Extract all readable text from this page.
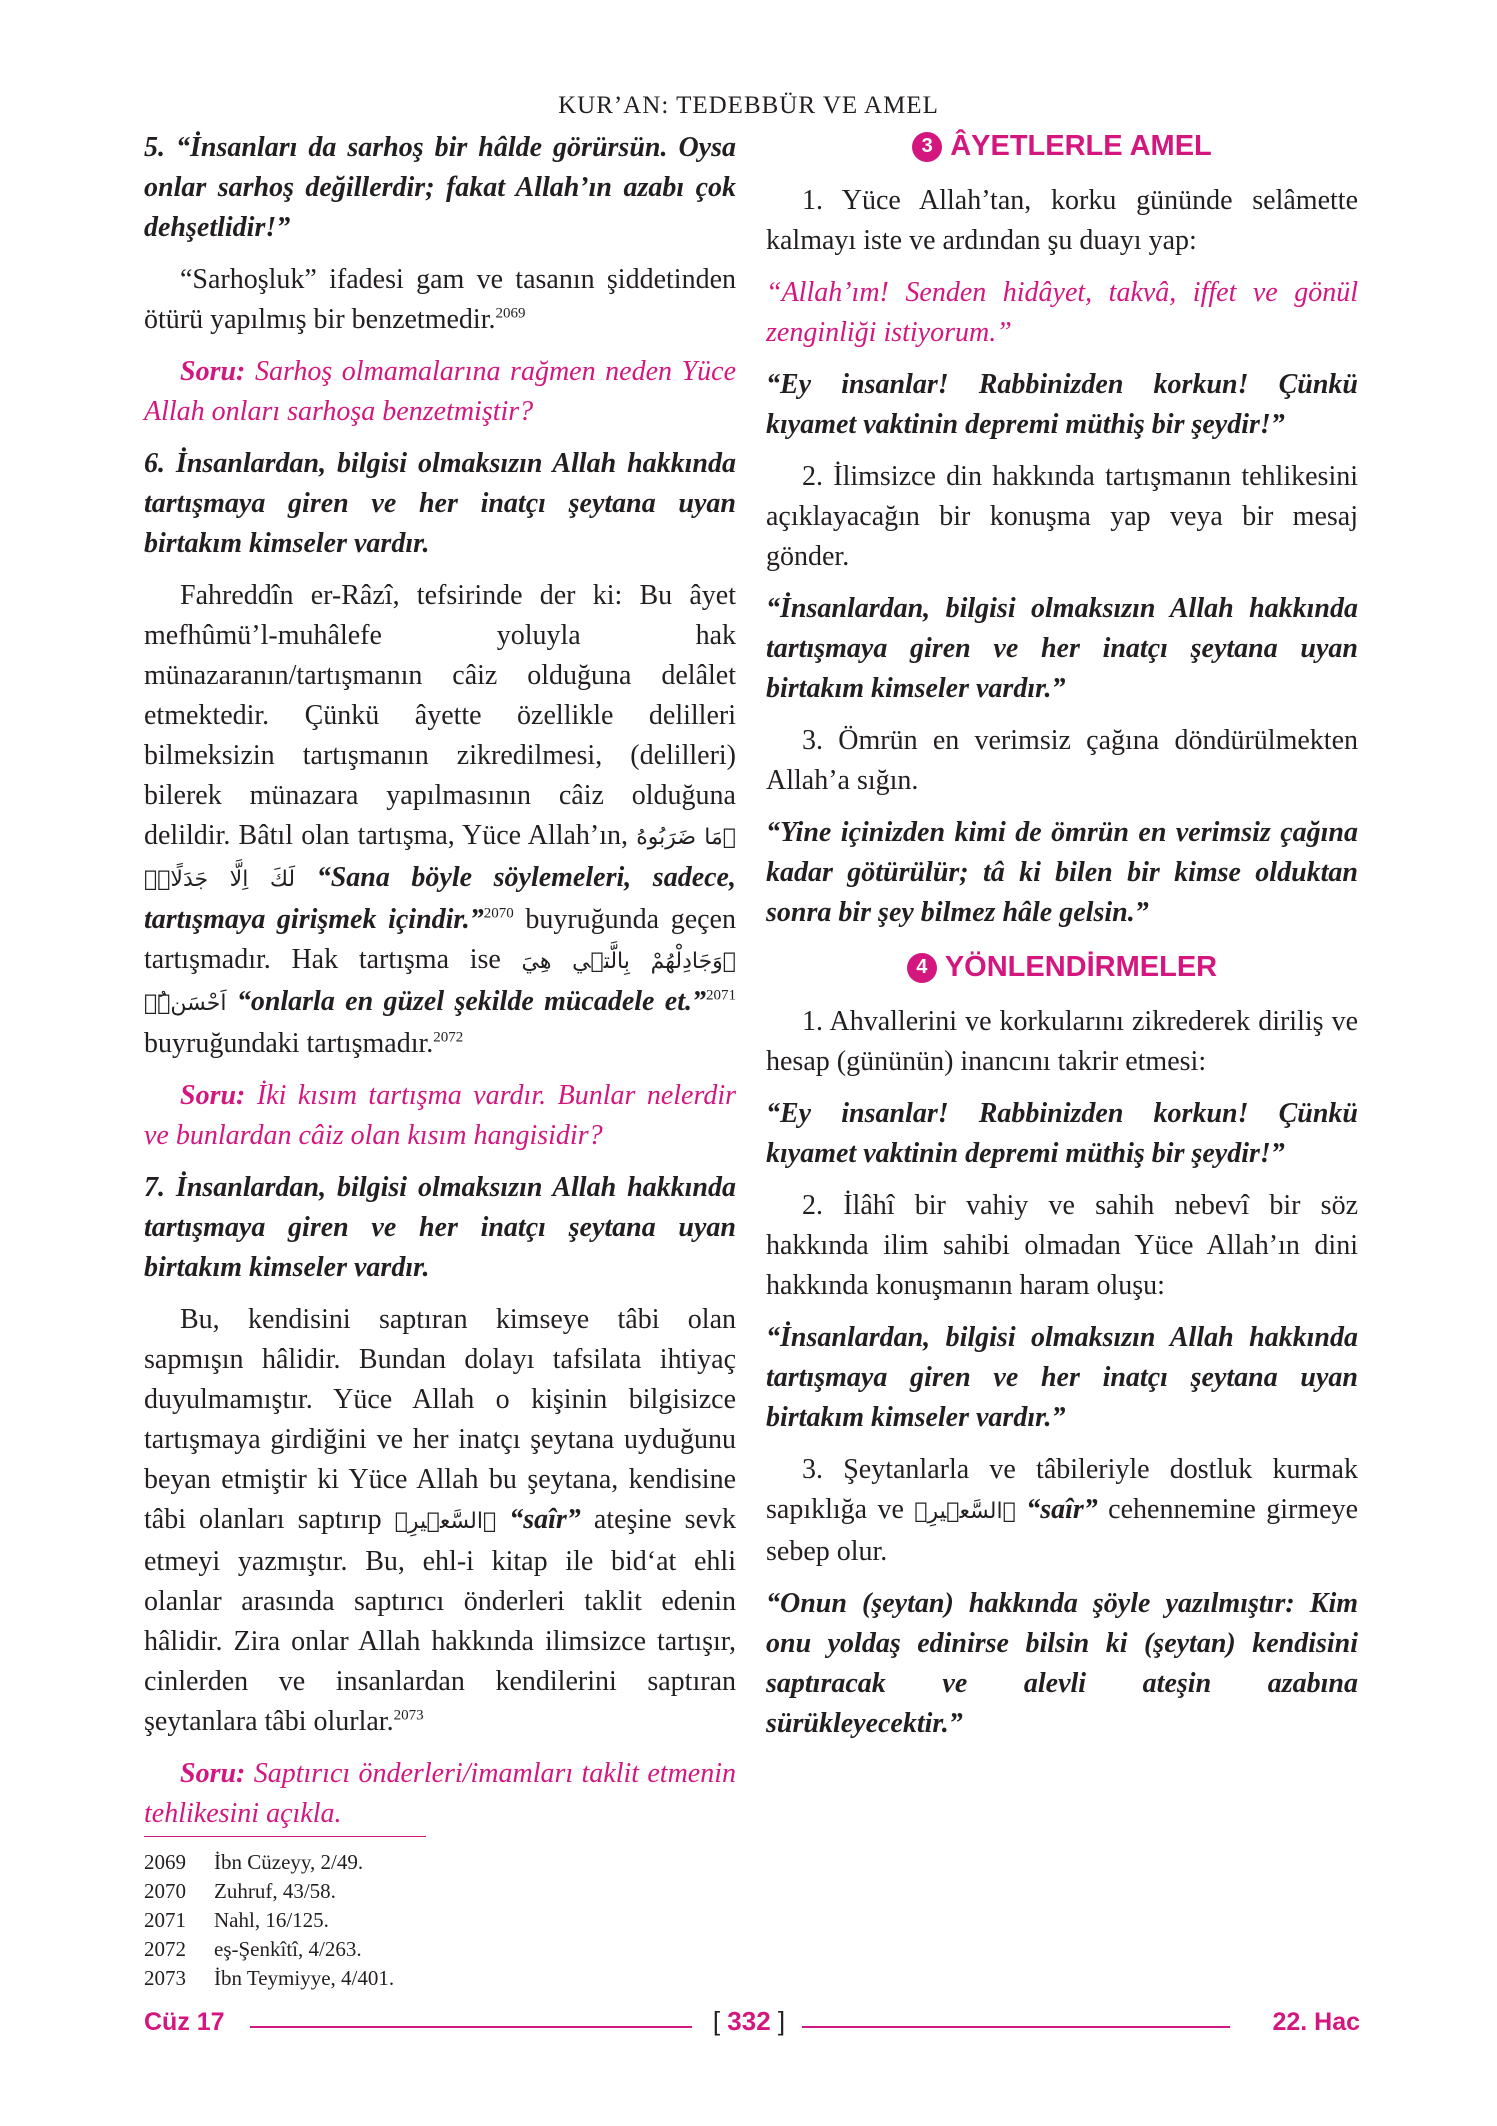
KUR’AN: TEDEBBÜR VE AMEL

5. “İnsanları da sarhoş bir hâlde görürsün. Oysa onlar sarhoş değillerdir; fakat Allah’ın azabı çok dehşetlidir!”

“Sarhoşluk” ifadesi gam ve tasanın şiddetinden ötürü yapılmış bir benzetmedir.$^{2069}$

Soru: Sarhoş olmamalarına rağmen neden Yüce Allah onları sarhoşa benzetmiştir?

6. İnsanlardan, bilgisi olmaksızın Allah hakkında tartışmaya giren ve her inatçı şeytana uyan birtakım kimseler vardır.

Fahreddîn er-Râzî, tefsirinde der ki: Bu âyet mefhûmü’l-muhâlefe yoluyla hak münazaranın/tartışmanın câiz olduğuna delâlet etmektedir. Çünkü âyette özellikle delilleri bilmeksizin tartışmanın zikredilmesi, (delilleri) bilerek münazara yapılmasının câiz olduğuna delildir. Bâtıl olan tartışma, Yüce Allah’ın, ﴿مَا ضَرَبُوهُ لَكَ اِلَّا جَدَلًاۜ﴾ “Sana böyle söylemeleri, sadece, tartışmaya girişmek içindir.”$^{2070}$ buyruğunda geçen tartışmadır. Hak tartışma ise ﴿وَجَادِلْهُمْ بِالَّت۪ي هِيَ اَحْسَنُۜ﴾ “onlarla en güzel şekilde mücadele et.”$^{2071}$ buyruğundaki tartışmadır.$^{2072}$

Soru: İki kısım tartışma vardır. Bunlar nelerdir ve bunlardan câiz olan kısım hangisidir?

7. İnsanlardan, bilgisi olmaksızın Allah hakkında tartışmaya giren ve her inatçı şeytana uyan birtakım kimseler vardır.

Bu, kendisini saptıran kimseye tâbi olan sapmışın hâlidir. Bundan dolayı tafsilata ihtiyaç duyulmamıştır. Yüce Allah o kişinin bilgisizce tartışmaya girdiğini ve her inatçı şeytana uyduğunu beyan etmiştir ki Yüce Allah bu şeytana, kendisine tâbi olanları saptırıp ﴿السَّع۪يرِ﴾ “saîr” ateşine sevk etmeyi yazmıştır. Bu, ehl-i kitap ile bid‘at ehli olanlar arasında saptırıcı önderleri taklit edenin hâlidir. Zira onlar Allah hakkında ilimsizce tartışır, cinlerden ve insanlardan kendilerini saptıran şeytanlara tâbi olurlar.$^{2073}$

Soru: Saptırıcı önderleri/imamları taklit etmenin tehlikesini açıkla.

3 ÂYETLERLE AMEL

1. Yüce Allah’tan, korku gününde selâmette kalmayı iste ve ardından şu duayı yap:

“Allah’ım! Senden hidâyet, takvâ, iffet ve gönül zenginliği istiyorum.”

“Ey insanlar! Rabbinizden korkun! Çünkü kıyamet vaktinin depremi müthiş bir şeydir!”

2. İlimsizce din hakkında tartışmanın tehlikesini açıklayacağın bir konuşma yap veya bir mesaj gönder.

“İnsanlardan, bilgisi olmaksızın Allah hakkında tartışmaya giren ve her inatçı şeytana uyan birtakım kimseler vardır.”

3. Ömrün en verimsiz çağına döndürülmekten Allah’a sığın.

“Yine içinizden kimi de ömrün en verimsiz çağına kadar götürülür; tâ ki bilen bir kimse olduktan sonra bir şey bilmez hâle gelsin.”

4 YÖNLENDİRMELER

1. Ahvallerini ve korkularını zikrederek diriliş ve hesap (gününün) inancını takrir etmesi:

“Ey insanlar! Rabbinizden korkun! Çünkü kıyamet vaktinin depremi müthiş bir şeydir!”

2. İlâhî bir vahiy ve sahih nebevî bir söz hakkında ilim sahibi olmadan Yüce Allah’ın dini hakkında konuşmanın haram oluşu:

“İnsanlardan, bilgisi olmaksızın Allah hakkında tartışmaya giren ve her inatçı şeytana uyan birtakım kimseler vardır.”

3. Şeytanlarla ve tâbileriyle dostluk kurmak sapıklığa ve ﴿السَّع۪يرِ﴾ “saîr” cehennemine girmeye sebep olur.

“Onun (şeytan) hakkında şöyle yazılmıştır: Kim onu yoldaş edinirse bilsin ki (şeytan) kendisini saptıracak ve alevli ateşin azabına sürükleyecektir.”

2069	İbn Cüzeyy, 2/49.
2070	Zuhruf, 43/58.
2071	Nahl, 16/125.
2072	eş-Şenkîtî, 4/263.
2073	İbn Teymiyye, 4/401.
Cüz 17	[ 332 ]	22. Hac
